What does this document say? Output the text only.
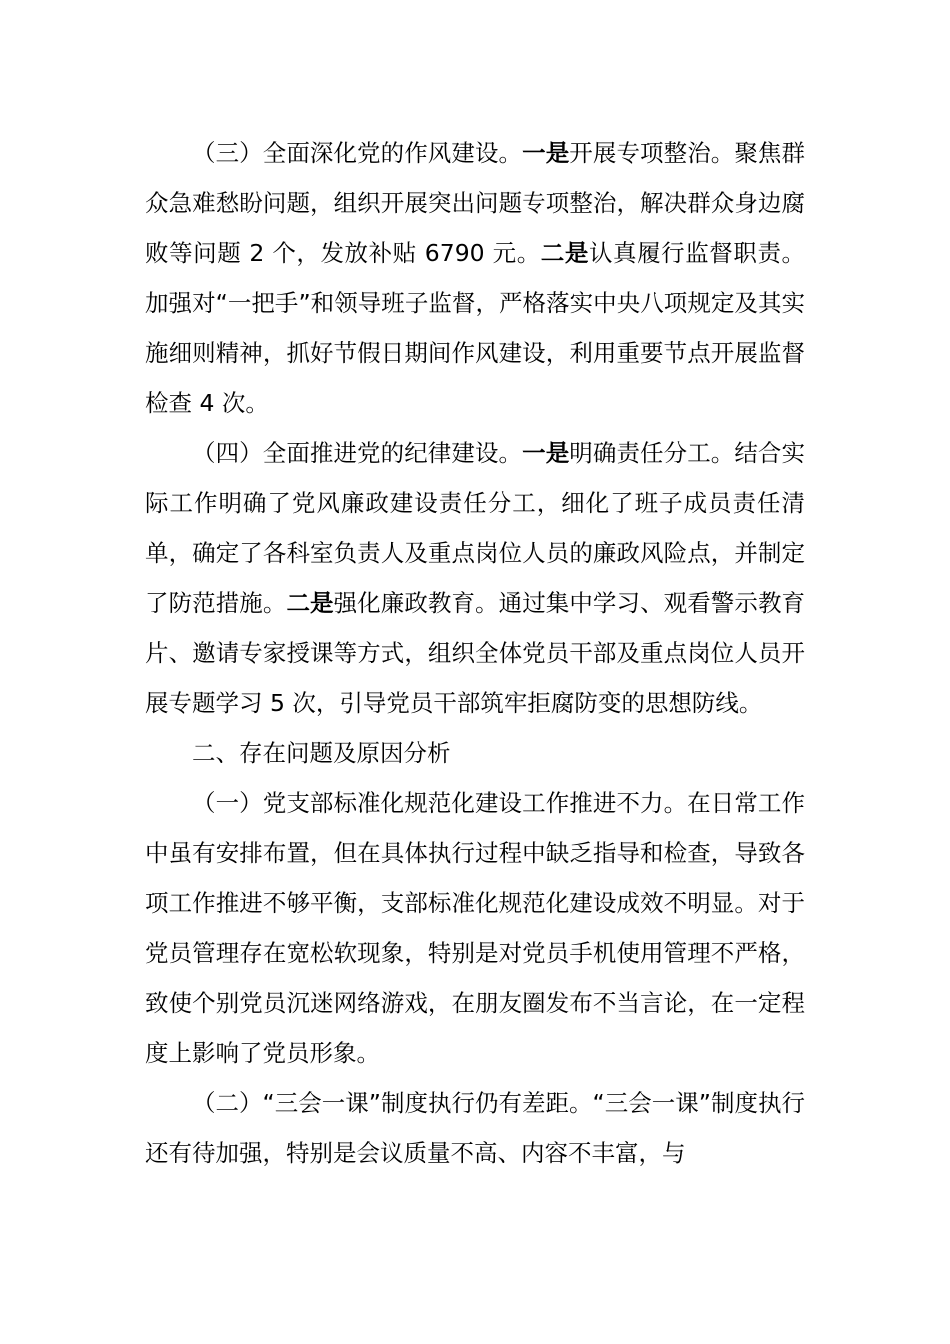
（三）全面深化党的作风建设。一是开展专项整治。聚焦群众急难愁盼问题，组织开展突出问题专项整治，解决群众身边腐败等问题 2 个，发放补贴 6790 元。二是认真履行监督职责。加强对“一把手”和领导班子监督，严格落实中央八项规定及其实施细则精神，抓好节假日期间作风建设，利用重要节点开展监督检查 4 次。

（四）全面推进党的纪律建设。一是明确责任分工。结合实际工作明确了党风廉政建设责任分工，细化了班子成员责任清单，确定了各科室负责人及重点岗位人员的廉政风险点，并制定了防范措施。二是强化廉政教育。通过集中学习、观看警示教育片、邀请专家授课等方式，组织全体党员干部及重点岗位人员开展专题学习 5 次，引导党员干部筑牢拒腐防变的思想防线。

二、存在问题及原因分析

（一）党支部标准化规范化建设工作推进不力。在日常工作中虽有安排布置，但在具体执行过程中缺乏指导和检查，导致各项工作推进不够平衡，支部标准化规范化建设成效不明显。对于党员管理存在宽松软现象，特别是对党员手机使用管理不严格，致使个别党员沉迷网络游戏，在朋友圈发布不当言论，在一定程度上影响了党员形象。

（二）“三会一课”制度执行仍有差距。“三会一课”制度执行还有待加强，特别是会议质量不高、内容不丰富，与
